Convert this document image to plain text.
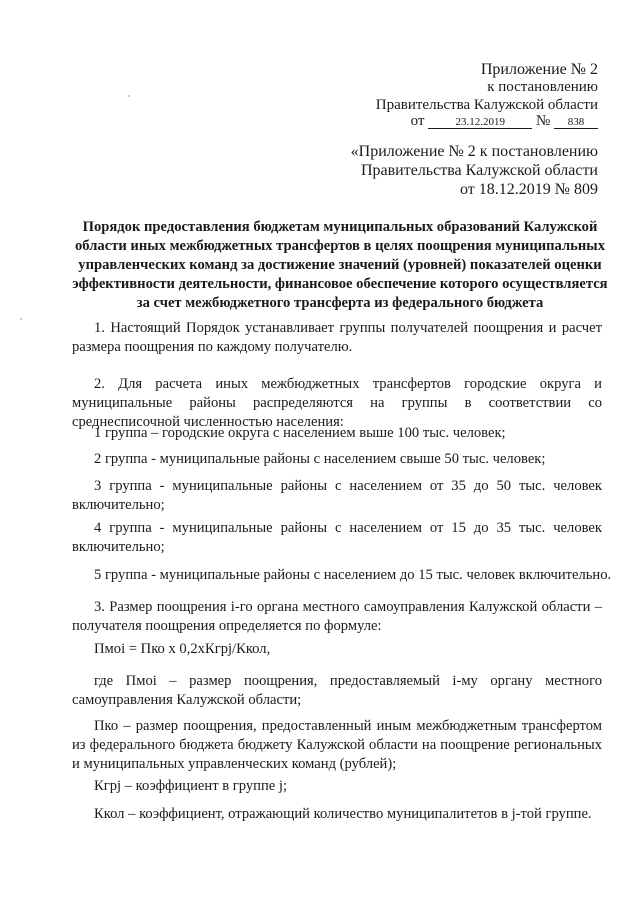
Приложение № 2
к постановлению
Правительства Калужской области
от	23.12.2019 № 838
«Приложение № 2 к постановлению
Правительства Калужской области
от 18.12.2019 № 809
Порядок предоставления бюджетам муниципальных образований Калужской области иных межбюджетных трансфертов в целях поощрения муниципальных управленческих команд за достижение значений (уровней) показателей оценки эффективности деятельности, финансовое обеспечение которого осуществляется за счет межбюджетного трансферта из федерального бюджета
1. Настоящий Порядок устанавливает группы получателей поощрения и расчет размера поощрения по каждому получателю.
2. Для расчета иных межбюджетных трансфертов городские округа и муниципальные районы распределяются на группы в соответствии со среднесписочной численностью населения:
1 группа – городские округа с населением выше 100 тыс. человек;
2 группа - муниципальные районы с населением свыше 50 тыс. человек;
3 группа - муниципальные районы с населением от 35 до 50 тыс. человек включительно;
4 группа - муниципальные районы с населением от 15 до 35 тыс. человек включительно;
5 группа - муниципальные районы с населением до 15 тыс. человек включительно.
3. Размер поощрения i-го органа местного самоуправления Калужской области – получателя поощрения определяется по формуле:
Пмоi = Пко х 0,2хКгрj/Ккол,
где Пмоi – размер поощрения, предоставляемый i-му органу местного самоуправления Калужской области;
Пко – размер поощрения, предоставленный иным межбюджетным трансфертом из федерального бюджета бюджету Калужской области на поощрение региональных и муниципальных управленческих команд (рублей);
Кгрj – коэффициент в группе j;
Ккол – коэффициент, отражающий количество муниципалитетов в j-той группе.
